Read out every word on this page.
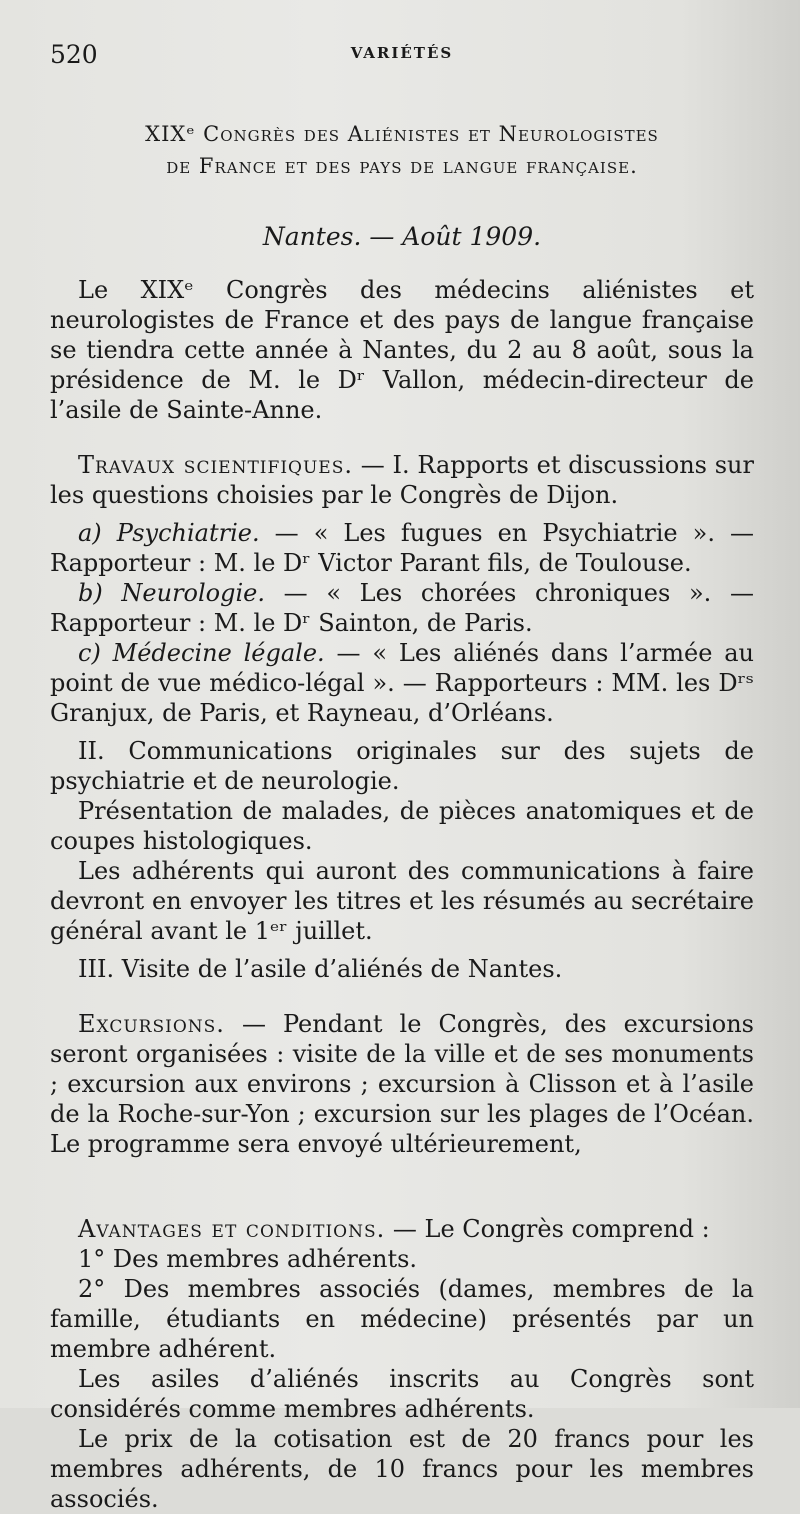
520	VARIÉTÉS
XIXᵉ Congrès des Aliénistes et Neurologistes
de France et des pays de langue française.
Nantes. — Août 1909.

Le XIXᵉ Congrès des médecins aliénistes et neurologistes de France et des pays de langue française se tiendra cette année à Nantes, du 2 au 8 août, sous la présidence de M. le Dʳ Vallon, médecin-directeur de l’asile de Sainte-Anne.

Travaux scientifiques. — I. Rapports et discussions sur les questions choisies par le Congrès de Dijon.

a) Psychiatrie. — « Les fugues en Psychiatrie ». — Rapporteur : M. le Dʳ Victor Parant fils, de Toulouse.

b) Neurologie. — « Les chorées chroniques ». — Rapporteur : M. le Dʳ Sainton, de Paris.

c) Médecine légale. — « Les aliénés dans l’armée au point de vue médico-légal ». — Rapporteurs : MM. les Dʳˢ Granjux, de Paris, et Rayneau, d’Orléans.

II. Communications originales sur des sujets de psychiatrie et de neurologie.

Présentation de malades, de pièces anatomiques et de coupes histologiques.

Les adhérents qui auront des communications à faire devront en envoyer les titres et les résumés au secrétaire général avant le 1ᵉʳ juillet.

III. Visite de l’asile d’aliénés de Nantes.

Excursions. — Pendant le Congrès, des excursions seront organisées : visite de la ville et de ses monuments ; excursion aux environs ; excursion à Clisson et à l’asile de la Roche-sur-Yon ; excursion sur les plages de l’Océan. Le programme sera envoyé ultérieurement,

Avantages et conditions. — Le Congrès comprend :

1° Des membres adhérents.

2° Des membres associés (dames, membres de la famille, étudiants en médecine) présentés par un membre adhérent.

Les asiles d’aliénés inscrits au Congrès sont considérés comme membres adhérents.

Le prix de la cotisation est de 20 francs pour les membres adhérents, de 10 francs pour les membres associés.
